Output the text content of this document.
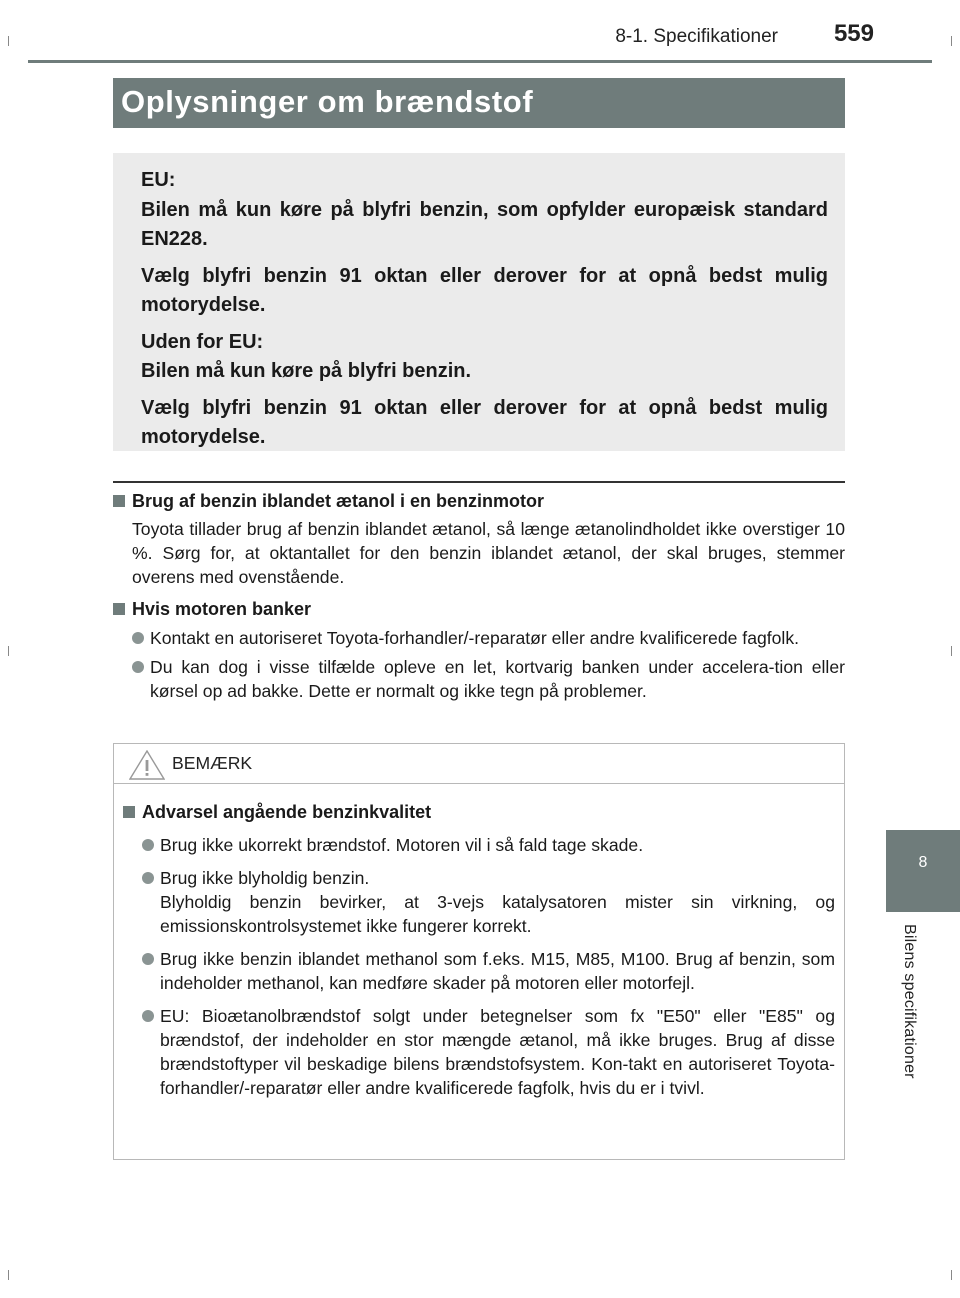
8-1. Specifikationer 559
8
Bilens specifikationer
Oplysninger om brændstof

EU:

Bilen må kun køre på blyfri benzin, som opfylder europæisk standard EN228.

Vælg blyfri benzin 91 oktan eller derover for at opnå bedst mulig motorydelse.

Uden for EU:

Bilen må kun køre på blyfri benzin.

Vælg blyfri benzin 91 oktan eller derover for at opnå bedst mulig motorydelse.

Brug af benzin iblandet ætanol i en benzinmotor

Toyota tillader brug af benzin iblandet ætanol, så længe ætanolindholdet ikke overstiger 10 %. Sørg for, at oktantallet for den benzin iblandet ætanol, der skal bruges, stemmer overens med ovenstående.

Hvis motoren banker

Kontakt en autoriseret Toyota-forhandler/-reparatør eller andre kvalificerede fagfolk.
Du kan dog i visse tilfælde opleve en let, kortvarig banken under accelera-tion eller kørsel op ad bakke. Dette er normalt og ikke tegn på problemer.
BEMÆRK

Advarsel angående benzinkvalitet

Brug ikke ukorrekt brændstof. Motoren vil i så fald tage skade.
Brug ikke blyholdig benzin.
Blyholdig benzin bevirker, at 3-vejs katalysatoren mister sin virkning, og emissionskontrolsystemet ikke fungerer korrekt.
Brug ikke benzin iblandet methanol som f.eks. M15, M85, M100. Brug af benzin, som indeholder methanol, kan medføre skader på motoren eller motorfejl.
EU: Bioætanolbrændstof solgt under betegnelser som fx "E50" eller "E85" og brændstof, der indeholder en stor mængde ætanol, må ikke bruges. Brug af disse brændstoftyper vil beskadige bilens brændstofsystem. Kon-takt en autoriseret Toyota-forhandler/-reparatør eller andre kvalificerede fagfolk, hvis du er i tvivl.
